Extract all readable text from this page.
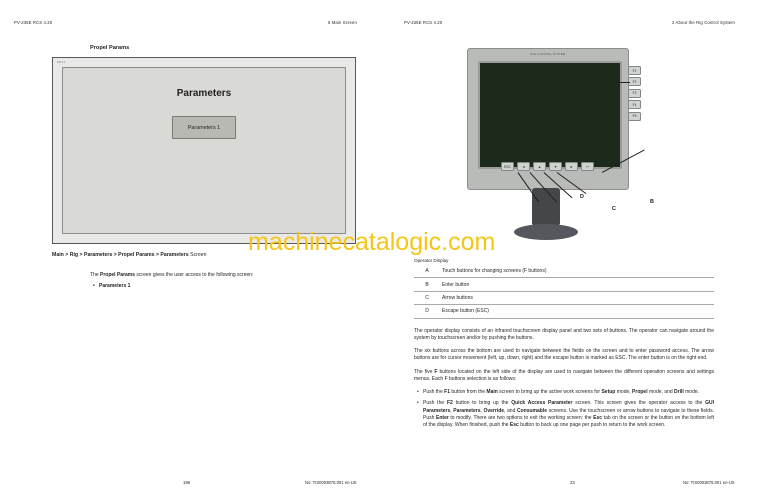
PV-235E RCS 4.20	6 Main Screen	PV-235E RCS 4.20	2 About the Rig Control System
Propel Params
6.8.4.1
Parameters
Parameters 1
Main > Rig > Parameters > Propel Params > Parameters Screen
The Propel Params screen gives the user access to the following screen:
• Parameters 1
RIG CONTROL SYSTEM
F1
F2
F3
F4
F5
ESC	◄	▲	▼	►	↵
A
B
C
D
Operator Display
A	Touch buttons for changing screens (F buttons)
B	Enter button
C	Arrow buttons
D	Escape button (ESC)

The operator display consists of an infrared touchscreen display panel and two sets of buttons. The operator can navigate around the system by touchscreen and/or by pushing the buttons.

The six buttons across the bottom are used to navigate between the fields on the screen and to enter password access. The arrow buttons are for cursor movement (left, up, down, right) and the escape button is marked as ESC. The enter button is on the right end.

The five F buttons located on the left side of the display are used to navigate between the different operation screens and settings menus. Each F buttons selection is as follows:

• Push the F1 button from the Main screen to bring up the active work screens for Setup mode, Propel mode, and Drill mode.
• Push the F2 button to bring up the Quick Access Parameter screen. This screen gives the operator access to the GUI Parameters, Parameters, Override, and Consumable screens. Use the touchscreen or arrow buttons to navigate to these fields. Push Enter to modify. There are two options to exit the working screen: the Esc tab on the screen or the button on the bottom left of the display. When finished, push the Esc button to back up one page per push to return to the work screen.
198	No: TIS0003876.001 en-US	23	No: TIS0003876.001 en-US
machinecatalogic.com
